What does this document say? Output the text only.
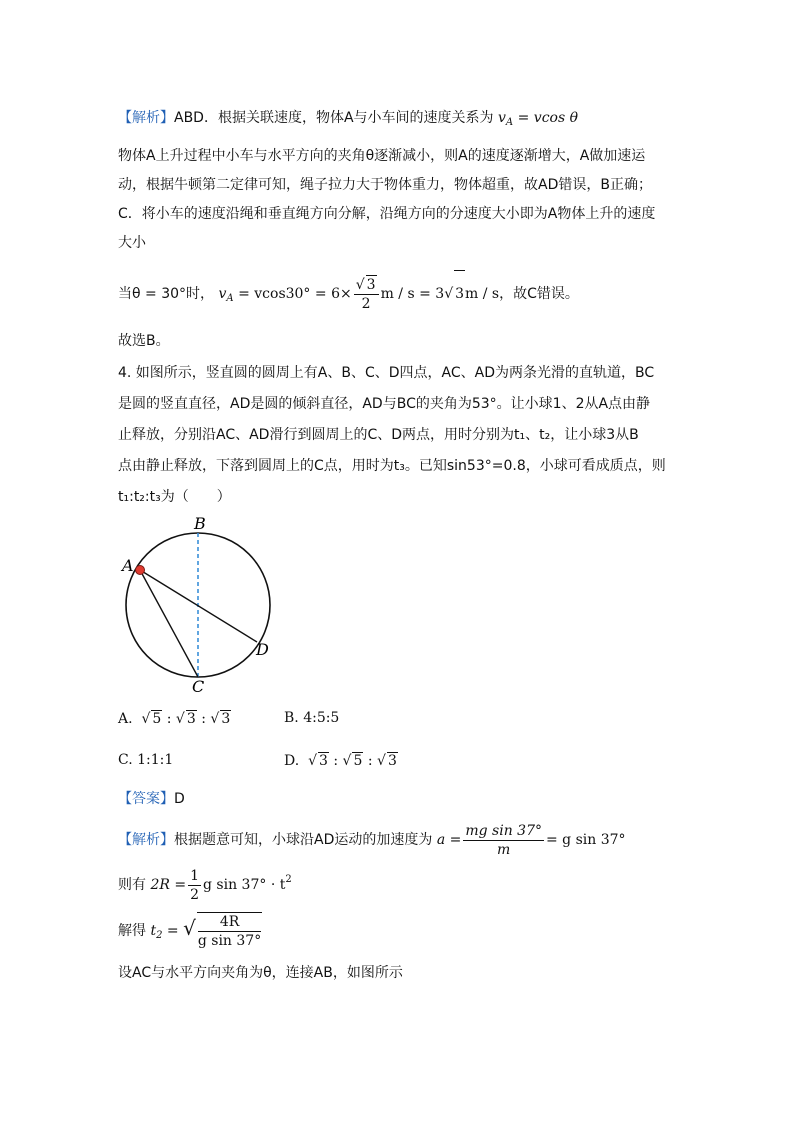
【解析】ABD．根据关联速度，物体A与小车间的速度关系为 $v_A = vcos$ θ
物体A上升过程中小车与水平方向的夹角θ逐渐减小，则A的速度逐渐增大，A做加速运
动，根据牛顿第二定律可知，绳子拉力大于物体重力，物体超重，故AD错误，B正确；
C．将小车的速度沿绳和垂直绳方向分解，沿绳方向的分速度大小即为A物体上升的速度
大小
当θ = 30°时， $v_A = vcos30^\circ = 6\times \frac{√ 3}{2}$ m / s = 3√ 3m / s，故C错误。
故选B。
4. 如图所示，竖直圆的圆周上有A、B、C、D四点，AC、AD为两条光滑的直轨道，BC
是圆的竖直直径，AD是圆的倾斜直径，AD与BC的夹角为53°。让小球1、2从A点由静
止释放，分别沿AC、AD滑行到圆周上的C、D两点，用时分别为t₁、t₂，让小球3从B
点由静止释放，下落到圆周上的C点，用时为t₃。已知sin53°=0.8，小球可看成质点，则
t₁:t₂:t₃为（　　）
A
B
C
D
A.  √ 5 : √ 3 : √ 3	B. 4:5:5
C. 1:1:1	D.  √ 3 : √ 5 : √ 3
【答案】D
【解析】根据题意可知，小球沿AD运动的加速度为 $a = \frac{\text{mg sin 37°}}{m} = g$ sin 37°
则有 $2R = \frac{1}{2}$ g $\sin 37^\circ \cdot t^2$
解得 $t_2$ = √ $\frac{4R}{\text{g sin 37°}}$
设AC与水平方向夹角为θ，连接AB，如图所示
